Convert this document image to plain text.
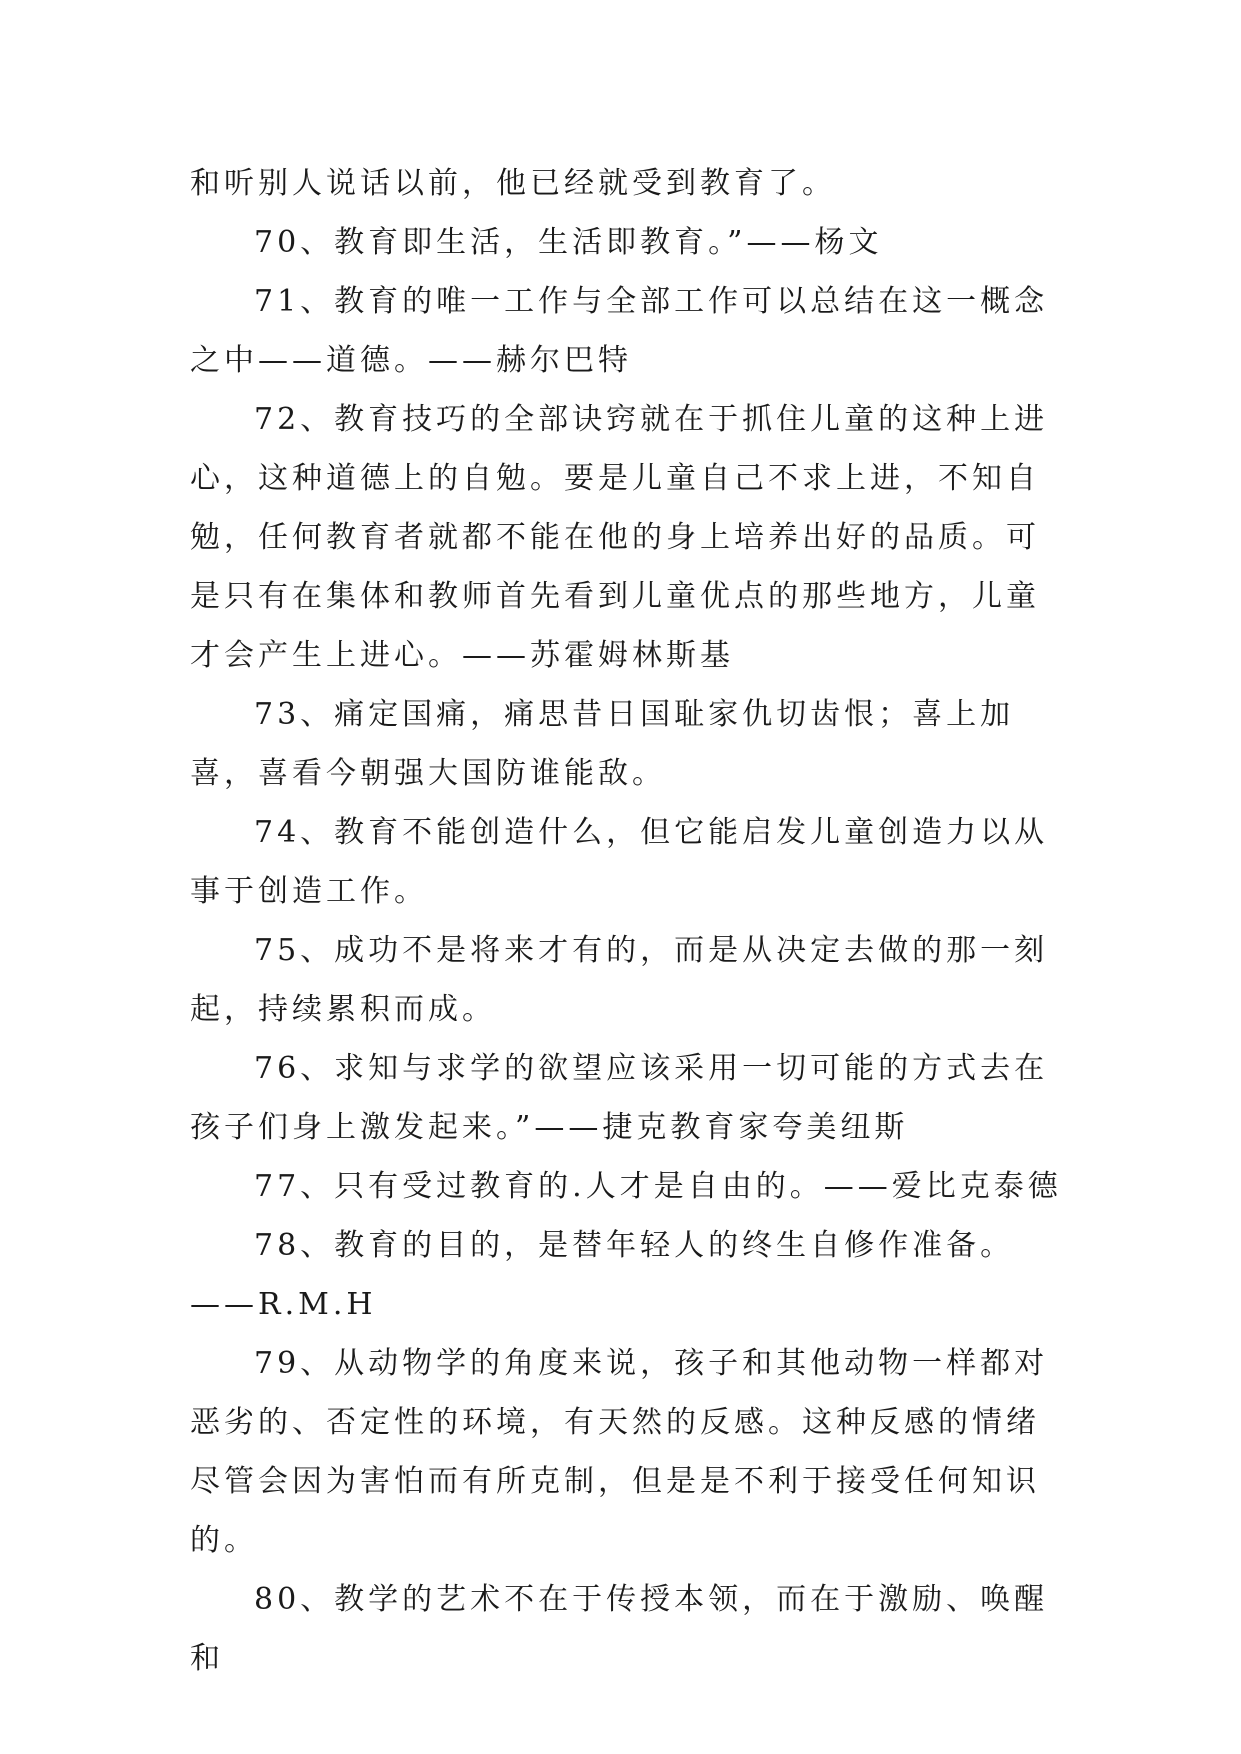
和听别人说话以前，他已经就受到教育了。

70、教育即生活，生活即教育。”——杨文

71、教育的唯一工作与全部工作可以总结在这一概念之中——道德。——赫尔巴特

72、教育技巧的全部诀窍就在于抓住儿童的这种上进心，这种道德上的自勉。要是儿童自己不求上进，不知自勉，任何教育者就都不能在他的身上培养出好的品质。可是只有在集体和教师首先看到儿童优点的那些地方，儿童才会产生上进心。——苏霍姆林斯基

73、痛定国痛，痛思昔日国耻家仇切齿恨；喜上加喜，喜看今朝强大国防谁能敌。

74、教育不能创造什么，但它能启发儿童创造力以从事于创造工作。

75、成功不是将来才有的，而是从决定去做的那一刻起，持续累积而成。

76、求知与求学的欲望应该采用一切可能的方式去在孩子们身上激发起来。”——捷克教育家夸美纽斯

77、只有受过教育的.人才是自由的。——爱比克泰德

78、教育的目的，是替年轻人的终生自修作准备。——R.M.H

79、从动物学的角度来说，孩子和其他动物一样都对恶劣的、否定性的环境，有天然的反感。这种反感的情绪尽管会因为害怕而有所克制，但是是不利于接受任何知识的。

80、教学的艺术不在于传授本领，而在于激励、唤醒和
